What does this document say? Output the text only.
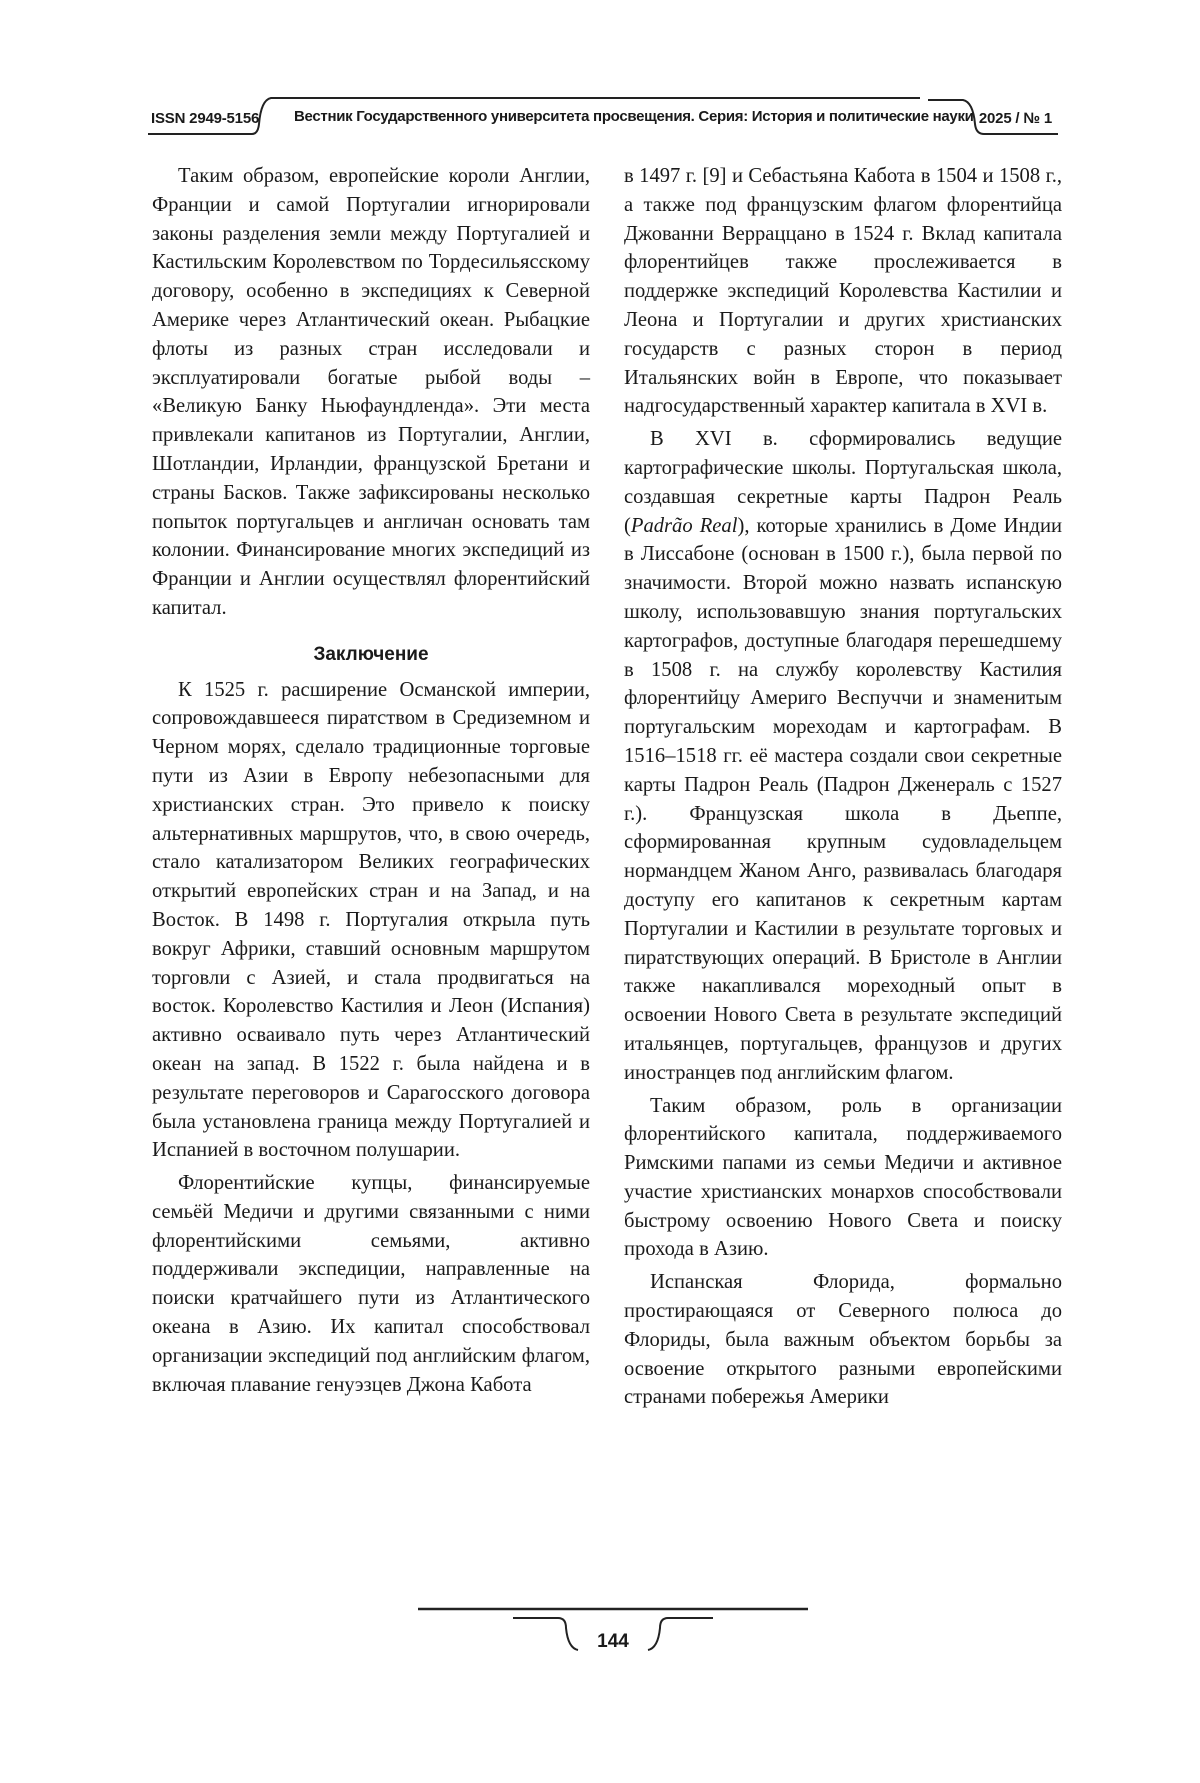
ISSN 2949-5156 Вестник Государственного университета просвещения. Серия: История и политические науки 2025 / № 1

Таким образом, европейские короли Англии, Франции и самой Португалии игнорировали законы разделения земли между Португалией и Кастильским Королевством по Тордесильясскому договору, особенно в экспедициях к Северной Америке через Атлантический океан. Рыбацкие флоты из разных стран исследовали и эксплуатировали богатые рыбой воды – «Великую Банку Ньюфаундленда». Эти места привлекали капитанов из Португалии, Англии, Шотландии, Ирландии, французской Бретани и страны Басков. Также зафиксированы несколько попыток португальцев и англичан основать там колонии. Финансирование многих экспедиций из Франции и Англии осуществлял флорентийский капитал.

Заключение

К 1525 г. расширение Османской империи, сопровождавшееся пиратством в Средиземном и Черном морях, сделало традиционные торговые пути из Азии в Европу небезопасными для христианских стран. Это привело к поиску альтернативных маршрутов, что, в свою очередь, стало катализатором Великих географических открытий европейских стран и на Запад, и на Восток. В 1498 г. Португалия открыла путь вокруг Африки, ставший основным маршрутом торговли с Азией, и стала продвигаться на восток. Королевство Кастилия и Леон (Испания) активно осваивало путь через Атлантический океан на запад. В 1522 г. была найдена и в результате переговоров и Сарагосского договора была установлена граница между Португалией и Испанией в восточном полушарии.

Флорентийские купцы, финансируемые семьёй Медичи и другими связанными с ними флорентийскими семьями, активно поддерживали экспедиции, направленные на поиски кратчайшего пути из Атлантического океана в Азию. Их капитал способствовал организации экспедиций под английским флагом, включая плавание генуэзцев Джона Кабота

в 1497 г. [9] и Себастьяна Кабота в 1504 и 1508 г., а также под французским флагом флорентийца Джованни Верраццано в 1524 г. Вклад капитала флорентийцев также прослеживается в поддержке экспедиций Королевства Кастилии и Леона и Португалии и других христианских государств с разных сторон в период Итальянских войн в Европе, что показывает надгосударственный характер капитала в XVI в.

В XVI в. сформировались ведущие картографические школы. Португальская школа, создавшая секретные карты Падрон Реаль (Padrão Real), которые хранились в Доме Индии в Лиссабоне (основан в 1500 г.), была первой по значимости. Второй можно назвать испанскую школу, использовавшую знания португальских картографов, доступные благодаря перешедшему в 1508 г. на службу королевству Кастилия флорентийцу Америго Веспуччи и знаменитым португальским мореходам и картографам. В 1516–1518 гг. её мастера создали свои секретные карты Падрон Реаль (Падрон Дженераль с 1527 г.). Французская школа в Дьеппе, сформированная крупным судовладельцем нормандцем Жаном Анго, развивалась благодаря доступу его капитанов к секретным картам Португалии и Кастилии в результате торговых и пиратствующих операций. В Бристоле в Англии также накапливался мореходный опыт в освоении Нового Света в результате экспедиций итальянцев, португальцев, французов и других иностранцев под английским флагом.

Таким образом, роль в организации флорентийского капитала, поддерживаемого Римскими папами из семьи Медичи и активное участие христианских монархов способствовали быстрому освоению Нового Света и поиску прохода в Азию.

Испанская Флорида, формально простирающаяся от Северного полюса до Флориды, была важным объектом борьбы за освоение открытого разными европейскими странами побережья Америки

144
